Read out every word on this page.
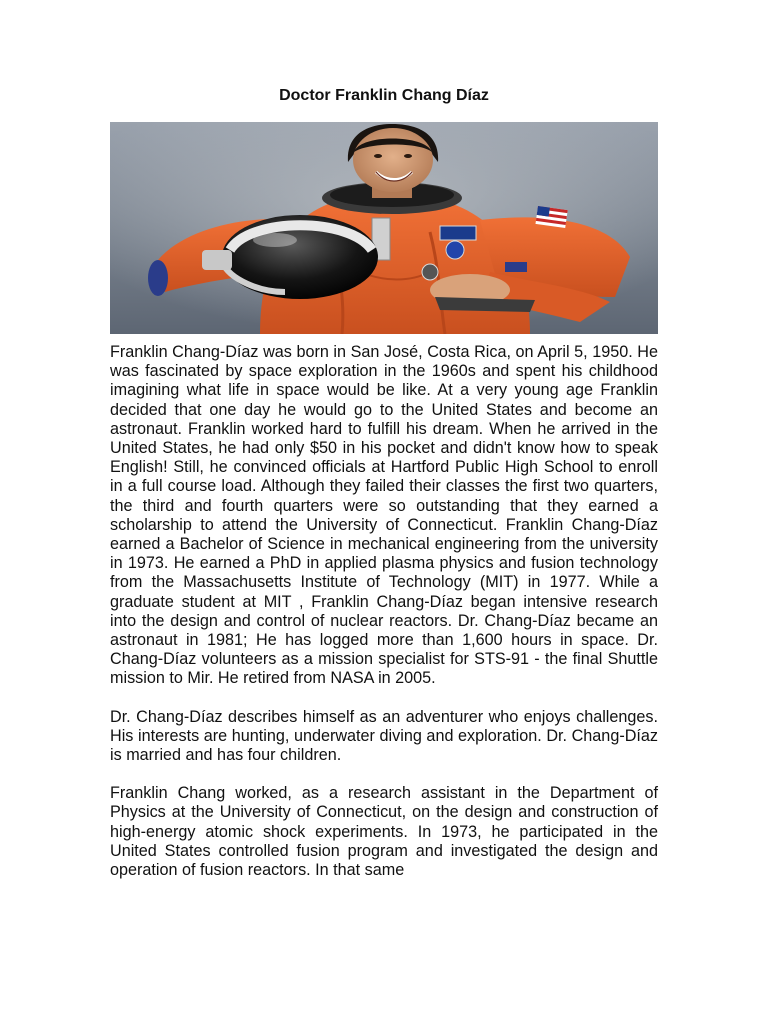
Doctor Franklin Chang Díaz

Franklin Chang-Díaz was born in San José, Costa Rica, on April 5, 1950. He was fascinated by space exploration in the 1960s and spent his childhood imagining what life in space would be like. At a very young age Franklin decided that one day he would go to the United States and become an astronaut. Franklin worked hard to fulfill his dream. When he arrived in the United States, he had only $50 in his pocket and didn't know how to speak English! Still, he convinced officials at Hartford Public High School to enroll in a full course load. Although they failed their classes the first two quarters, the third and fourth quarters were so outstanding that they earned a scholarship to attend the University of Connecticut. Franklin Chang-Díaz earned a Bachelor of Science in mechanical engineering from the university in 1973. He earned a PhD in applied plasma physics and fusion technology from the Massachusetts Institute of Technology (MIT) in 1977. While a graduate student at MIT , Franklin Chang-Díaz began intensive research into the design and control of nuclear reactors. Dr. Chang-Díaz became an astronaut in 1981; He has logged more than 1,600 hours in space. Dr. Chang-Díaz volunteers as a mission specialist for STS-91 - the final Shuttle mission to Mir. He retired from NASA in 2005.

Dr. Chang-Díaz describes himself as an adventurer who enjoys challenges. His interests are hunting, underwater diving and exploration. Dr. Chang-Díaz is married and has four children.

Franklin Chang worked, as a research assistant in the Department of Physics at the University of Connecticut, on the design and construction of high-energy atomic shock experiments. In 1973, he participated in the United States controlled fusion program and investigated the design and operation of fusion reactors. In that same
